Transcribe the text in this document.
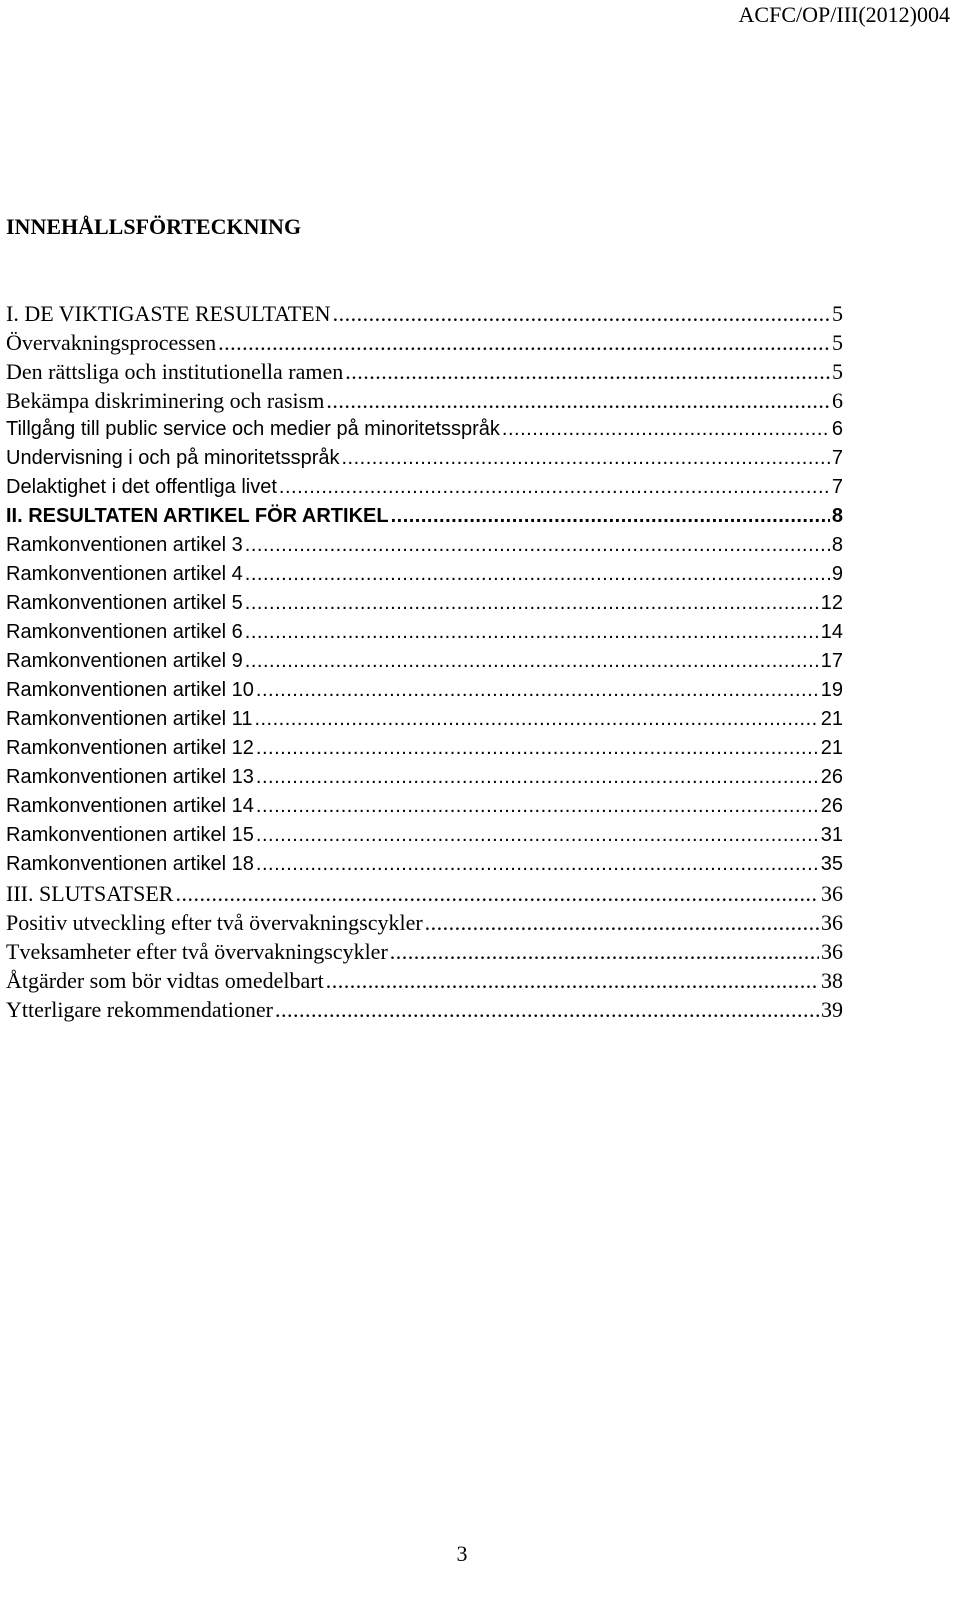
ACFC/OP/III(2012)004
INNEHÅLLSFÖRTECKNING
I. DE VIKTIGASTE RESULTATEN .....	5
Övervakningsprocessen .....	5
Den rättsliga och institutionella ramen .....	5
Bekämpa diskriminering och rasism .....	6
Tillgång till public service och medier på minoritetsspråk .....	6
Undervisning i och på minoritetsspråk .....	7
Delaktighet i det offentliga livet .....	7
II. RESULTATEN ARTIKEL FÖR ARTIKEL .....	8
Ramkonventionen artikel 3 .....	8
Ramkonventionen artikel 4 .....	9
Ramkonventionen artikel 5 .....	12
Ramkonventionen artikel 6 .....	14
Ramkonventionen artikel 9 .....	17
Ramkonventionen artikel 10 .....	19
Ramkonventionen artikel 11 .....	21
Ramkonventionen artikel 12 .....	21
Ramkonventionen artikel 13 .....	26
Ramkonventionen artikel 14 .....	26
Ramkonventionen artikel 15 .....	31
Ramkonventionen artikel 18 .....	35
III. SLUTSATSER .....	36
Positiv utveckling efter två övervakningscykler .....	36
Tveksamheter efter två övervakningscykler .....	36
Åtgärder som bör vidtas omedelbart .....	38
Ytterligare rekommendationer .....	39
3
